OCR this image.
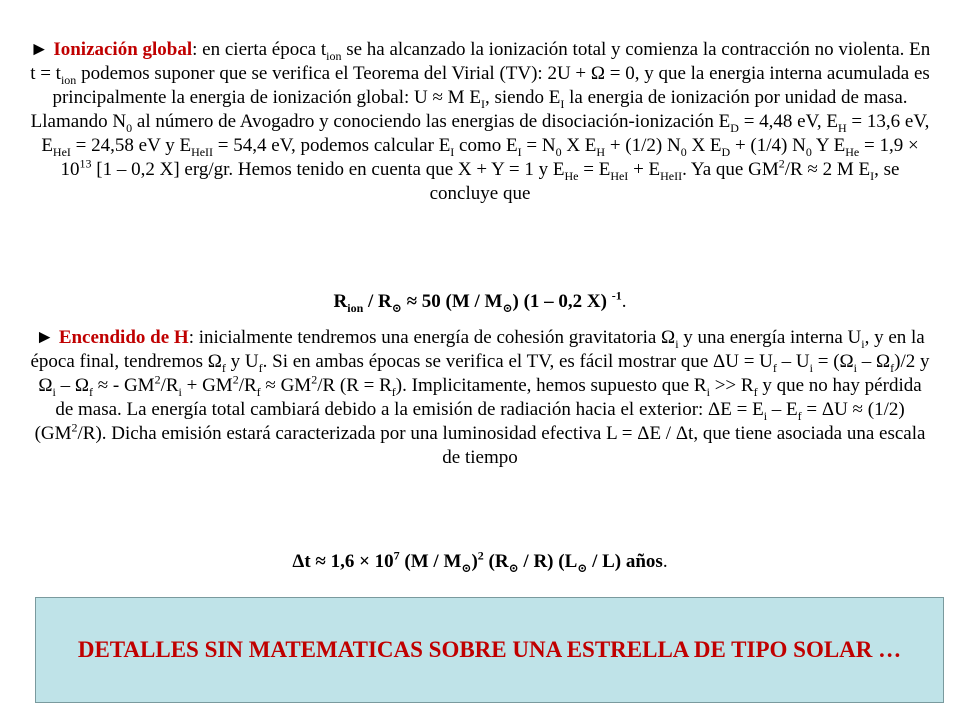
► Ionización global: en cierta época $t_{ion}$ se ha alcanzado la ionización total y comienza la contracción no violenta. En $t = t_{ion}$ podemos suponer que se verifica el Teorema del Virial (TV): 2U + Ω = 0, y que la energia interna acumulada es principalmente la energia de ionización global: U ≈ M $E_I$, siendo $E_I$ la energia de ionización por unidad de masa. Llamando $N_0$ al número de Avogadro y conociendo las energias de disociación-ionización $E_D = 4,48$ eV, $E_H = 13,6$ eV, $E_{HeI} = 24,58$ eV y $E_{HeII} = 54,4$ eV, podemos calcular $E_I$ como $E_I = N_0$ X $E_H + (1/2)$ $N_0$ X $E_D + (1/4)$ $N_0$ Y $E_{He} = 1,9 \times 10^{13}$ [1 – 0,2 X] erg/gr. Hemos tenido en cuenta que X + Y = 1 y $E_{He} = E_{HeI} + E_{HeII}$. Ya que $GM^2/R \approx 2$ M $E_I$, se concluye que

$R_{ion} / R_⊙ \approx 50$ $(M / M_⊙)$ (1 – 0,2 X) $^{-1}$.

► Encendido de H: inicialmente tendremos una energía de cohesión gravitatoria $\Omega_i$ y una energía interna $U_i$, y en la época final, tendremos $\Omega_f$ y $U_f$. Si en ambas épocas se verifica el TV, es fácil mostrar que $\Delta U = U_f - U_i = (\Omega_i - \Omega_f)/2$ y $\Omega_i - \Omega_f$ ≈ - $GM^2/R_i + GM^2/R_f \approx GM^2/R$ $(R = R_f)$. Implicitamente, hemos supuesto que $R_i >> R_f$ y que no hay pérdida de masa. La energía total cambiará debido a la emisión de radiación hacia el exterior: $\Delta E = E_i - E_f = \Delta U \approx (1/2)$ $(GM^2/R)$. Dicha emisión estará caracterizada por una luminosidad efectiva L = ΔE / Δt, que tiene asociada una escala de tiempo

$\Delta t \approx 1,6 \times 10^7$ $(M / M_⊙)^2$ $(R_⊙ / R)$ $(L_⊙ / L)$ años.

DETALLES SIN MATEMATICAS SOBRE UNA ESTRELLA DE TIPO SOLAR …
